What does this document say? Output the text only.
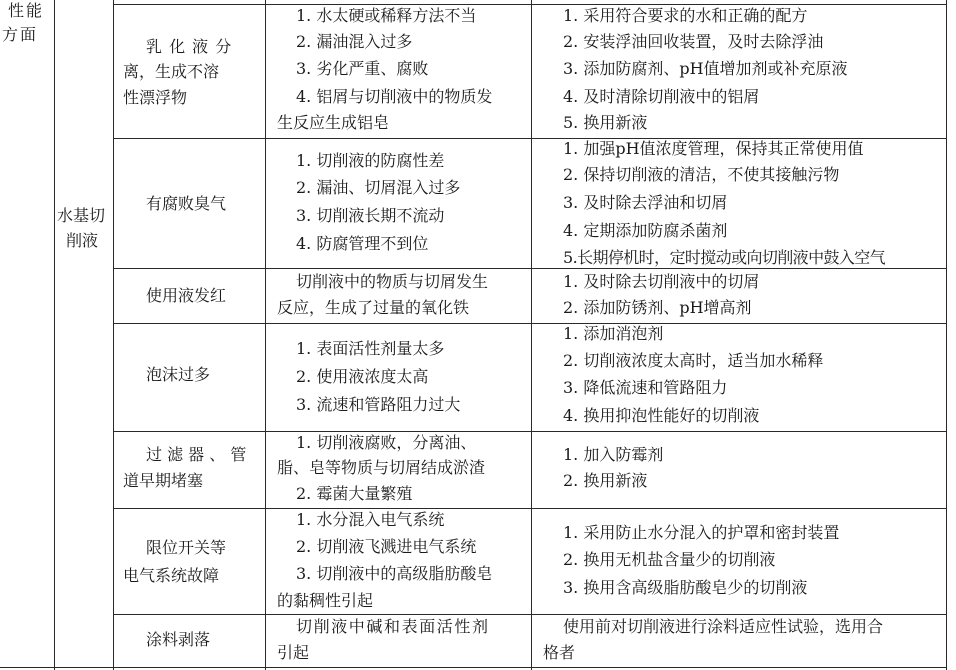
性能
方面
水基切
削液
乳 化 液 分
离，生成不溶
性漂浮物
1. 水太硬或稀释方法不当
2. 漏油混入过多
3. 劣化严重、腐败
4. 铝屑与切削液中的物质发
生反应生成铝皂
1. 采用符合要求的水和正确的配方
2. 安装浮油回收装置，及时去除浮油
3. 添加防腐剂、pH值增加剂或补充原液
4. 及时清除切削液中的铝屑
5. 换用新液
有腐败臭气
1. 切削液的防腐性差
2. 漏油、切屑混入过多
3. 切削液长期不流动
4. 防腐管理不到位
1. 加强pH值浓度管理，保持其正常使用值
2. 保持切削液的清洁，不使其接触污物
3. 及时除去浮油和切屑
4. 定期添加防腐杀菌剂
5.长期停机时，定时搅动或向切削液中鼓入空气
使用液发红
切削液中的物质与切屑发生
反应，生成了过量的氧化铁
1. 及时除去切削液中的切屑
2. 添加防锈剂、pH增高剂
泡沫过多
1. 表面活性剂量太多
2. 使用液浓度太高
3. 流速和管路阻力过大
1. 添加消泡剂
2. 切削液浓度太高时，适当加水稀释
3. 降低流速和管路阻力
4. 换用抑泡性能好的切削液
过 滤 器 、 管
道早期堵塞
1. 切削液腐败，分离油、
脂、皂等物质与切屑结成淤渣
2. 霉菌大量繁殖
1. 加入防霉剂
2. 换用新液
限位开关等
电气系统故障
1. 水分混入电气系统
2. 切削液飞溅进电气系统
3. 切削液中的高级脂肪酸皂
的黏稠性引起
1. 采用防止水分混入的护罩和密封装置
2. 换用无机盐含量少的切削液
3. 换用含高级脂肪酸皂少的切削液
涂料剥落
切削液中碱和表面活性剂
引起
使用前对切削液进行涂料适应性试验，选用合
格者
